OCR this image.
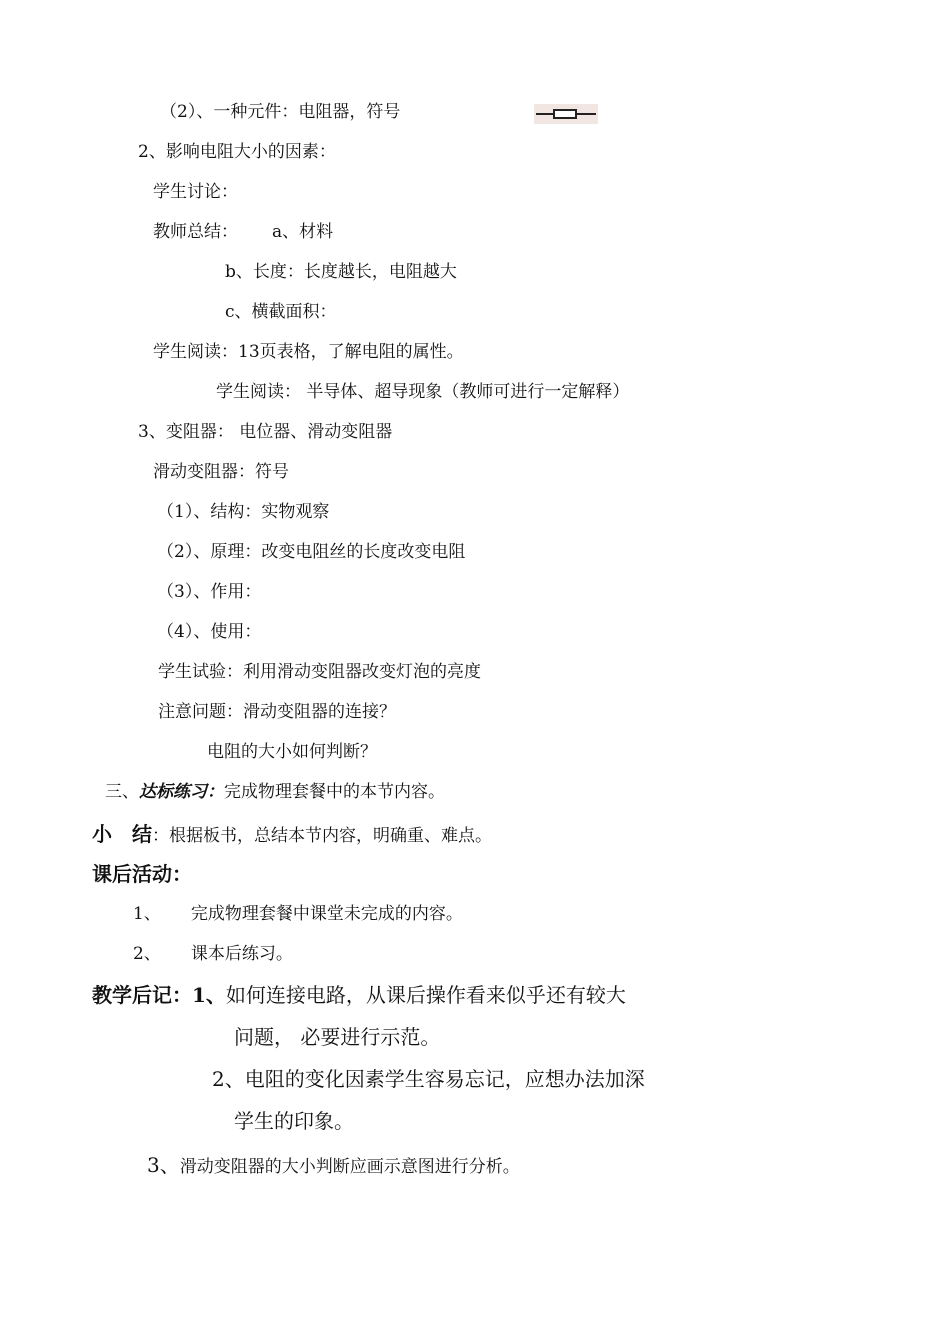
（2）、一种元件：电阻器，符号
2、影响电阻大小的因素：
学生讨论：
教师总结： a、材料
b、长度：长度越长，电阻越大
c、横截面积：
学生阅读：13页表格，了解电阻的属性。
学生阅读： 半导体、超导现象（教师可进行一定解释）
3、变阻器： 电位器、滑动变阻器
滑动变阻器：符号
（1）、结构：实物观察
（2）、原理：改变电阻丝的长度改变电阻
（3）、作用：
（4）、使用：
学生试验：利用滑动变阻器改变灯泡的亮度
注意问题：滑动变阻器的连接？
电阻的大小如何判断？
三、达标练习：完成物理套餐中的本节内容。
小　结：根据板书，总结本节内容，明确重、难点。
课后活动：
1、 完成物理套餐中课堂未完成的内容。
2、 课本后练习。
教学后记：1、如何连接电路，从课后操作看来似乎还有较大
问题， 必要进行示范。
2、电阻的变化因素学生容易忘记，应想办法加深
学生的印象。
3、滑动变阻器的大小判断应画示意图进行分析。
